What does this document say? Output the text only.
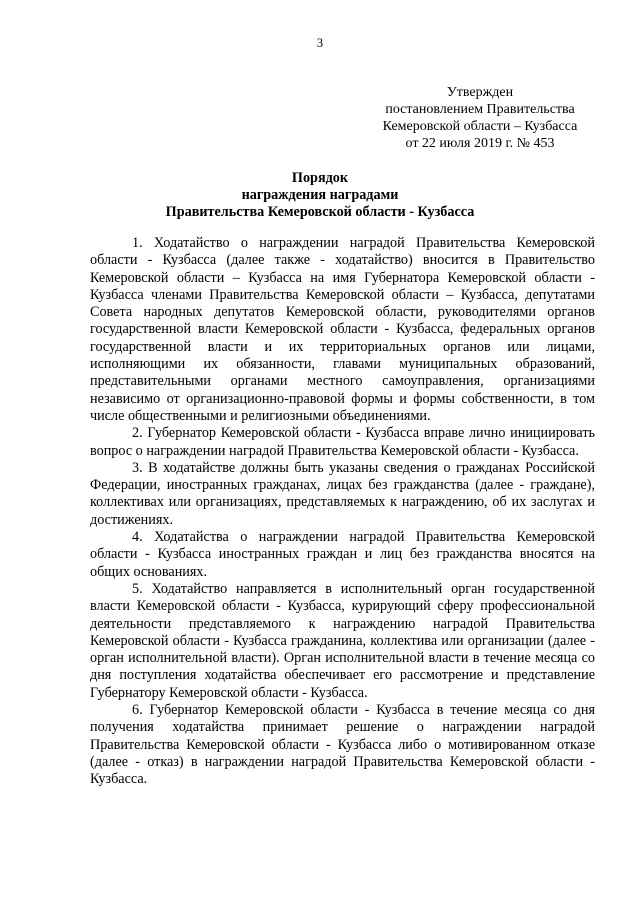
3
Утвержден
постановлением Правительства
Кемеровской области – Кузбасса
от 22 июля 2019 г. № 453
Порядок
награждения наградами
Правительства Кемеровской области - Кузбасса

1. Ходатайство о награждении наградой Правительства Кемеровской области - Кузбасса (далее также - ходатайство) вносится в Правительство Кемеровской области – Кузбасса на имя Губернатора Кемеровской области - Кузбасса членами Правительства Кемеровской области – Кузбасса, депутатами Совета народных депутатов Кемеровской области, руководителями органов государственной власти Кемеровской области - Кузбасса, федеральных органов государственной власти и их территориальных органов или лицами, исполняющими их обязанности, главами муниципальных образований, представительными органами местного самоуправления, организациями независимо от организационно-правовой формы и формы собственности, в том числе общественными и религиозными объединениями.

2. Губернатор Кемеровской области - Кузбасса вправе лично инициировать вопрос о награждении наградой Правительства Кемеровской области - Кузбасса.

3. В ходатайстве должны быть указаны сведения о гражданах Российской Федерации, иностранных гражданах, лицах без гражданства (далее - граждане), коллективах или организациях, представляемых к награждению, об их заслугах и достижениях.

4. Ходатайства о награждении наградой Правительства Кемеровской области - Кузбасса иностранных граждан и лиц без гражданства вносятся на общих основаниях.

5. Ходатайство направляется в исполнительный орган государственной власти Кемеровской области - Кузбасса, курирующий сферу профессиональной деятельности представляемого к награждению наградой Правительства Кемеровской области - Кузбасса гражданина, коллектива или организации (далее - орган исполнительной власти). Орган исполнительной власти в течение месяца со дня поступления ходатайства обеспечивает его рассмотрение и представление Губернатору Кемеровской области - Кузбасса.

6. Губернатор Кемеровской области - Кузбасса в течение месяца со дня получения ходатайства принимает решение о награждении наградой Правительства Кемеровской области - Кузбасса либо о мотивированном отказе (далее - отказ) в награждении наградой Правительства Кемеровской области - Кузбасса.
